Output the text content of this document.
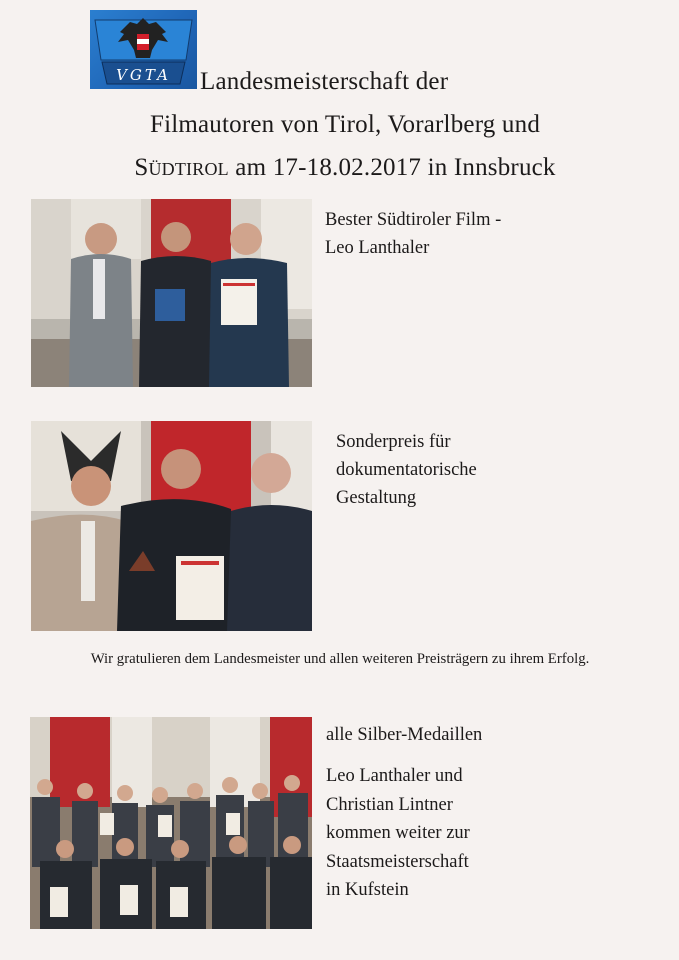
VGTA	Landesmeisterschaft der
Filmautoren von Tirol, Vorarlberg und
Südtirol am 17-18.02.2017 in Innsbruck
Bester Südtiroler Film -
Leo Lanthaler
Sonderpreis für
dokumentatorische
Gestaltung
Wir gratulieren dem Landesmeister und allen weiteren Preisträgern zu ihrem Erfolg.
alle Silber-Medaillen
Leo Lanthaler und
Christian Lintner
kommen weiter zur
Staatsmeisterschaft
in Kufstein
